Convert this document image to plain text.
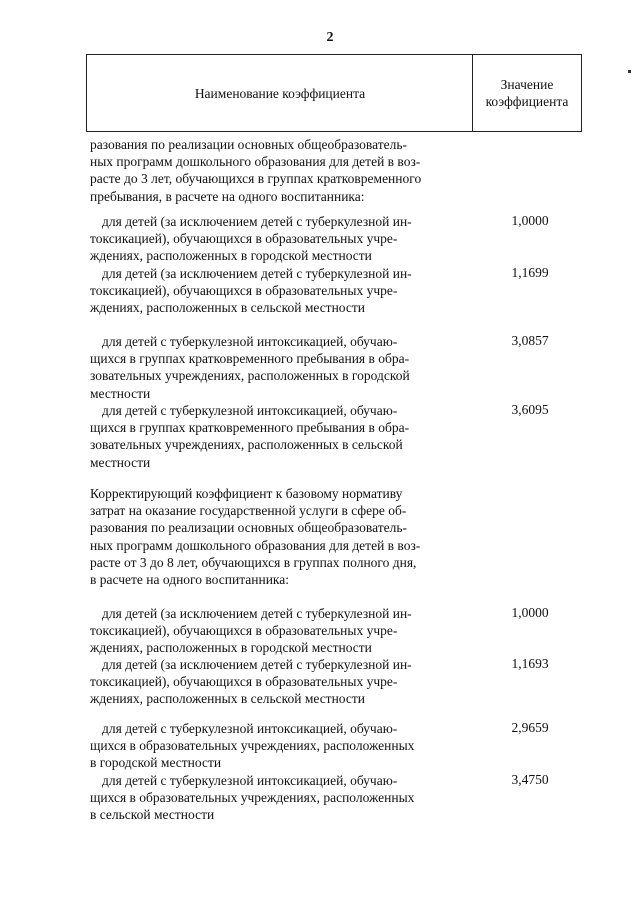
2
Наименование коэффициента
Значение
коэффициента
разования по реализации основных общеобразователь-
ных программ дошкольного образования для детей в воз-
расте до 3 лет, обучающихся в группах кратковременного
пребывания, в расчете на одного воспитанника:
для детей (за исключением детей с туберкулезной ин-
токсикацией), обучающихся в образовательных учре-
ждениях, расположенных в городской местности
1,0000
для детей (за исключением детей с туберкулезной ин-
токсикацией), обучающихся в образовательных учре-
ждениях, расположенных в сельской местности
1,1699
для детей с туберкулезной интоксикацией, обучаю-
щихся в группах кратковременного пребывания в обра-
зовательных учреждениях, расположенных в городской
местности
3,0857
для детей с туберкулезной интоксикацией, обучаю-
щихся в группах кратковременного пребывания в обра-
зовательных учреждениях, расположенных в сельской
местности
3,6095
Корректирующий коэффициент к базовому нормативу
затрат на оказание государственной услуги в сфере об-
разования по реализации основных общеобразователь-
ных программ дошкольного образования для детей в воз-
расте от 3 до 8 лет, обучающихся в группах полного дня,
в расчете на одного воспитанника:
для детей (за исключением детей с туберкулезной ин-
токсикацией), обучающихся в образовательных учре-
ждениях, расположенных в городской местности
1,0000
для детей (за исключением детей с туберкулезной ин-
токсикацией), обучающихся в образовательных учре-
ждениях, расположенных в сельской местности
1,1693
для детей с туберкулезной интоксикацией, обучаю-
щихся в образовательных учреждениях, расположенных
в городской местности
2,9659
для детей с туберкулезной интоксикацией, обучаю-
щихся в образовательных учреждениях, расположенных
в сельской местности
3,4750
